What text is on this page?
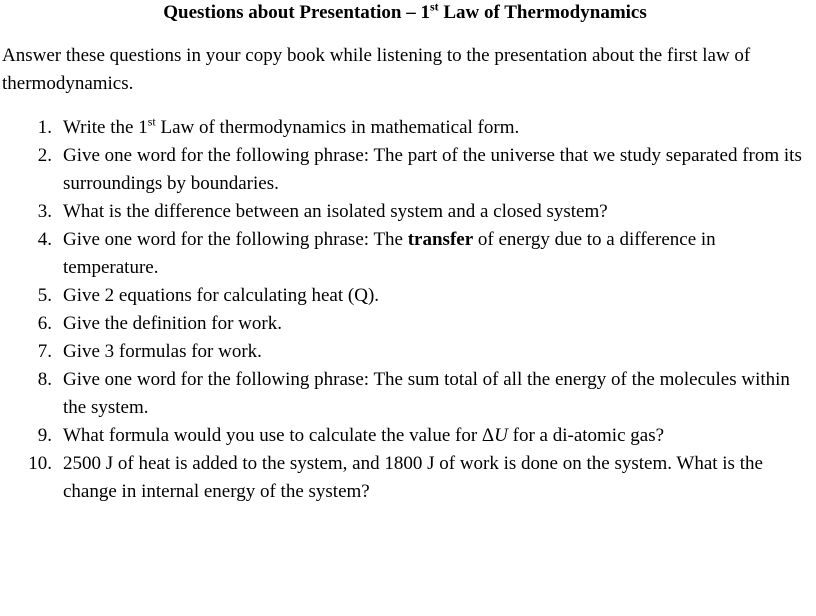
Questions about Presentation – 1st Law of Thermodynamics

Answer these questions in your copy book while listening to the presentation about the first law of thermodynamics.

1. Write the 1st Law of thermodynamics in mathematical form.
2. Give one word for the following phrase: The part of the universe that we study separated from its surroundings by boundaries.
3. What is the difference between an isolated system and a closed system?
4. Give one word for the following phrase: The transfer of energy due to a difference in temperature.
5. Give 2 equations for calculating heat (Q).
6. Give the definition for work.
7. Give 3 formulas for work.
8. Give one word for the following phrase: The sum total of all the energy of the molecules within the system.
9. What formula would you use to calculate the value for ΔU for a di-atomic gas?
10. 2500 J of heat is added to the system, and 1800 J of work is done on the system. What is the change in internal energy of the system?
